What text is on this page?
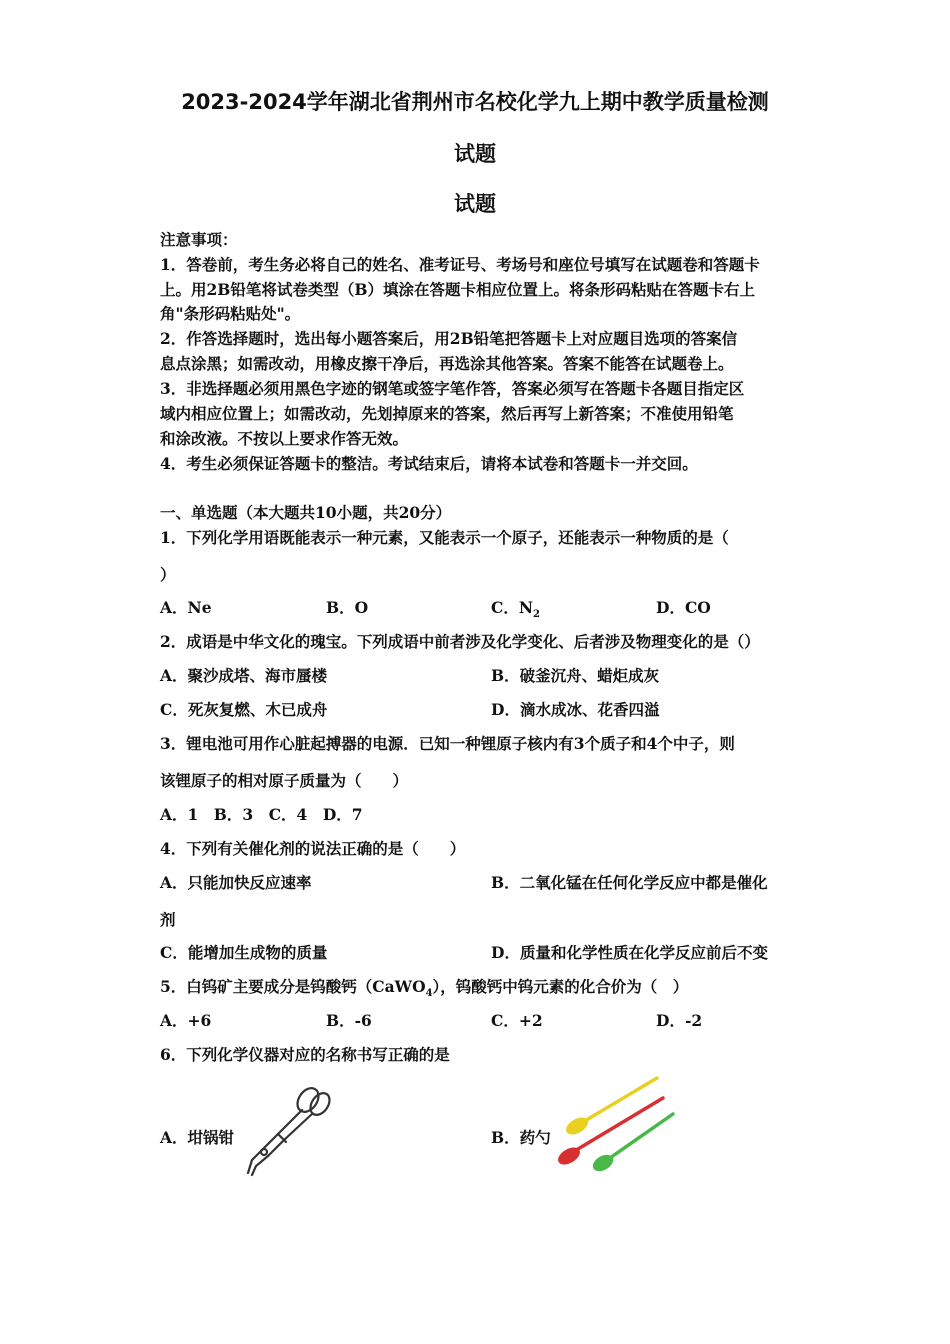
2023-2024学年湖北省荆州市名校化学九上期中教学质量检测
试题
试题
注意事项：
1．答卷前，考生务必将自己的姓名、准考证号、考场号和座位号填写在试题卷和答题卡
上。用2B铅笔将试卷类型（B）填涂在答题卡相应位置上。将条形码粘贴在答题卡右上
角"条形码粘贴处"。
2．作答选择题时，选出每小题答案后，用2B铅笔把答题卡上对应题目选项的答案信
息点涂黑；如需改动，用橡皮擦干净后，再选涂其他答案。答案不能答在试题卷上。
3．非选择题必须用黑色字迹的钢笔或签字笔作答，答案必须写在答题卡各题目指定区
域内相应位置上；如需改动，先划掉原来的答案，然后再写上新答案；不准使用铅笔
和涂改液。不按以上要求作答无效。
4．考生必须保证答题卡的整洁。考试结束后，请将本试卷和答题卡一并交回。
一、单选题（本大题共10小题，共20分）
1．下列化学用语既能表示一种元素，又能表示一个原子，还能表示一种物质的是（
）
A．Ne	B．O	C．$N_2$	D．CO
2．成语是中华文化的瑰宝。下列成语中前者涉及化学变化、后者涉及物理变化的是（）
A．聚沙成塔、海市蜃楼	B．破釜沉舟、蜡炬成灰
C．死灰复燃、木已成舟	D．滴水成冰、花香四溢
3．锂电池可用作心脏起搏器的电源．已知一种锂原子核内有3个质子和4个中子，则
该锂原子的相对原子质量为（　　）
A．1　B．3　C．4　D．7
4．下列有关催化剂的说法正确的是（　　）
A．只能加快反应速率	B．二氧化锰在任何化学反应中都是催化
剂
C．能增加生成物的质量	D．质量和化学性质在化学反应前后不变
5．白钨矿主要成分是钨酸钙（CaWO$_4$），钨酸钙中钨元素的化合价为（　）
A．+6	B．-6	C．+2	D．-2
6．下列化学仪器对应的名称书写正确的是
A．坩锅钳	B．药勺
